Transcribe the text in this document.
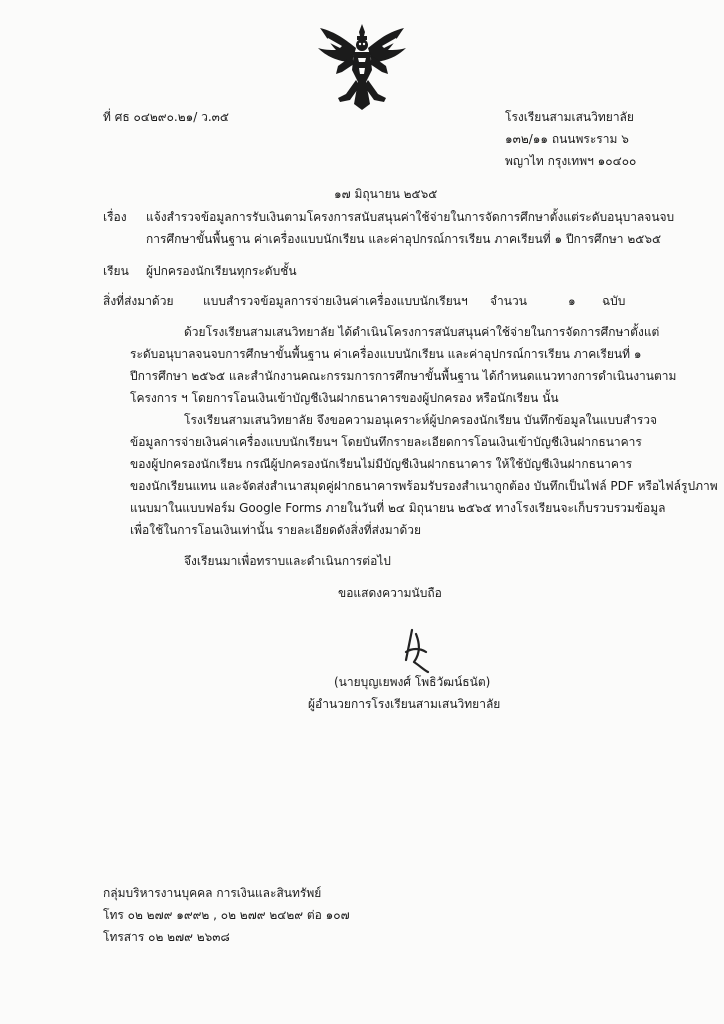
ที่ ศธ ๐๔๒๙๐.๒๑/ ว.๓๕	โรงเรียนสามเสนวิทยาลัย
๑๓๒/๑๑ ถนนพระราม ๖
พญาไท กรุงเทพฯ ๑๐๔๐๐
๑๗ มิถุนายน ๒๕๖๕
เรื่อง แจ้งสำรวจข้อมูลการรับเงินตามโครงการสนับสนุนค่าใช้จ่ายในการจัดการศึกษาตั้งแต่ระดับอนุบาลจนจบ
การศึกษาขั้นพื้นฐาน ค่าเครื่องแบบนักเรียน และค่าอุปกรณ์การเรียน ภาคเรียนที่ ๑ ปีการศึกษา ๒๕๖๕
เรียน ผู้ปกครองนักเรียนทุกระดับชั้น
สิ่งที่ส่งมาด้วย แบบสำรวจข้อมูลการจ่ายเงินค่าเครื่องแบบนักเรียนฯ จำนวน	๑ ฉบับ
ด้วยโรงเรียนสามเสนวิทยาลัย ได้ดำเนินโครงการสนับสนุนค่าใช้จ่ายในการจัดการศึกษาตั้งแต่
ระดับอนุบาลจนจบการศึกษาขั้นพื้นฐาน ค่าเครื่องแบบนักเรียน และค่าอุปกรณ์การเรียน ภาคเรียนที่ ๑
ปีการศึกษา ๒๕๖๕ และสำนักงานคณะกรรมการการศึกษาขั้นพื้นฐาน ได้กำหนดแนวทางการดำเนินงานตาม
โครงการ ฯ โดยการโอนเงินเข้าบัญชีเงินฝากธนาคารของผู้ปกครอง หรือนักเรียน นั้น
โรงเรียนสามเสนวิทยาลัย จึงขอความอนุเคราะห์ผู้ปกครองนักเรียน บันทึกข้อมูลในแบบสำรวจ
ข้อมูลการจ่ายเงินค่าเครื่องแบบนักเรียนฯ โดยบันทึกรายละเอียดการโอนเงินเข้าบัญชีเงินฝากธนาคาร
ของผู้ปกครองนักเรียน กรณีผู้ปกครองนักเรียนไม่มีบัญชีเงินฝากธนาคาร ให้ใช้บัญชีเงินฝากธนาคาร
ของนักเรียนแทน และจัดส่งสำเนาสมุดคู่ฝากธนาคารพร้อมรับรองสำเนาถูกต้อง บันทึกเป็นไฟล์ PDF หรือไฟล์รูปภาพ
แนบมาในแบบฟอร์ม Google Forms ภายในวันที่ ๒๔ มิถุนายน ๒๕๖๕ ทางโรงเรียนจะเก็บรวบรวมข้อมูล
เพื่อใช้ในการโอนเงินเท่านั้น รายละเอียดดังสิ่งที่ส่งมาด้วย
จึงเรียนมาเพื่อทราบและดำเนินการต่อไป
ขอแสดงความนับถือ
(นายบุญเยพงศ์ โพธิวัฒน์ธนัต)
ผู้อำนวยการโรงเรียนสามเสนวิทยาลัย
กลุ่มบริหารงานบุคคล การเงินและสินทรัพย์
โทร ๐๒ ๒๗๙ ๑๙๙๒ , ๐๒ ๒๗๙ ๒๔๒๙ ต่อ ๑๐๗
โทรสาร ๐๒ ๒๗๙ ๒๖๓๘
